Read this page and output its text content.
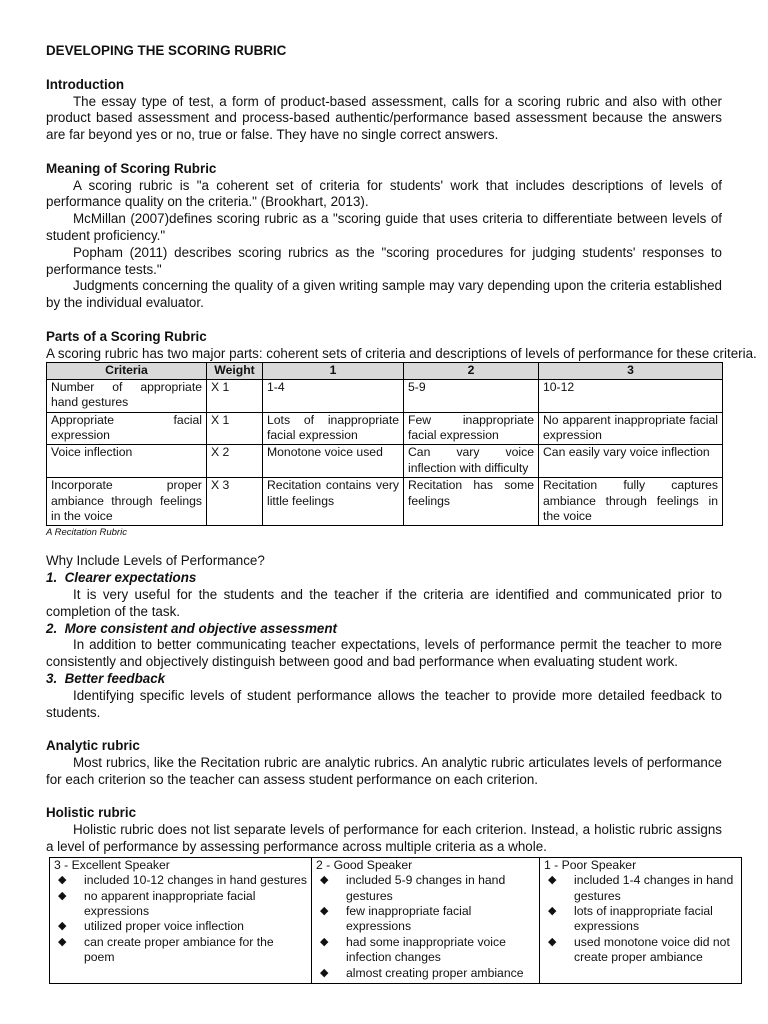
DEVELOPING THE SCORING RUBRIC
Introduction

The essay type of test, a form of product-based assessment, calls for a scoring rubric and also with other product based assessment and process-based authentic/performance based assessment because the answers are far beyond yes or no, true or false. They have no single correct answers.

Meaning of Scoring Rubric

A scoring rubric is "a coherent set of criteria for students' work that includes descriptions of levels of performance quality on the criteria." (Brookhart, 2013).

McMillan (2007)defines scoring rubric as a "scoring guide that uses criteria to differentiate between levels of student proficiency."

Popham (2011) describes scoring rubrics as the "scoring procedures for judging students' responses to performance tests."

Judgments concerning the quality of a given writing sample may vary depending upon the criteria established by the individual evaluator.

Parts of a Scoring Rubric

A scoring rubric has two major parts: coherent sets of criteria and descriptions of levels of performance for these criteria.

Criteria	Weight	1	2	3
Number of appropriate hand gestures	X 1	1-4	5-9	10-12
Appropriate facial expression	X 1	Lots of inappropriate facial expression	Few inappropriate facial expression	No apparent inappropriate facial expression
Voice inflection	X 2	Monotone voice used	Can vary voice inflection with difficulty	Can easily vary voice inflection
Incorporate proper ambiance through feelings in the voice	X 3	Recitation contains very little feelings	Recitation has some feelings	Recitation fully captures ambiance through feelings in the voice
A Recitation Rubric
Why Include Levels of Performance?
1. Clearer expectations

It is very useful for the students and the teacher if the criteria are identified and communicated prior to completion of the task.

2. More consistent and objective assessment

In addition to better communicating teacher expectations, levels of performance permit the teacher to more consistently and objectively distinguish between good and bad performance when evaluating student work.

3. Better feedback

Identifying specific levels of student performance allows the teacher to provide more detailed feedback to students.

Analytic rubric

Most rubrics, like the Recitation rubric are analytic rubrics. An analytic rubric articulates levels of performance for each criterion so the teacher can assess student performance on each criterion.

Holistic rubric

Holistic rubric does not list separate levels of performance for each criterion. Instead, a holistic rubric assigns a level of performance by assessing performance across multiple criteria as a whole.

3 - Excellent Speaker
◆ included 10-12 changes in hand gestures
◆ no apparent inappropriate facial expressions
◆ utilized proper voice inflection
◆ can create proper ambiance for the poem

2 - Good Speaker
◆ included 5-9 changes in hand gestures
◆ few inappropriate facial expressions
◆ had some inappropriate voice infection changes
◆ almost creating proper ambiance

1 - Poor Speaker
◆ included 1-4 changes in hand gestures
◆ lots of inappropriate facial expressions
◆ used monotone voice did not create proper ambiance
